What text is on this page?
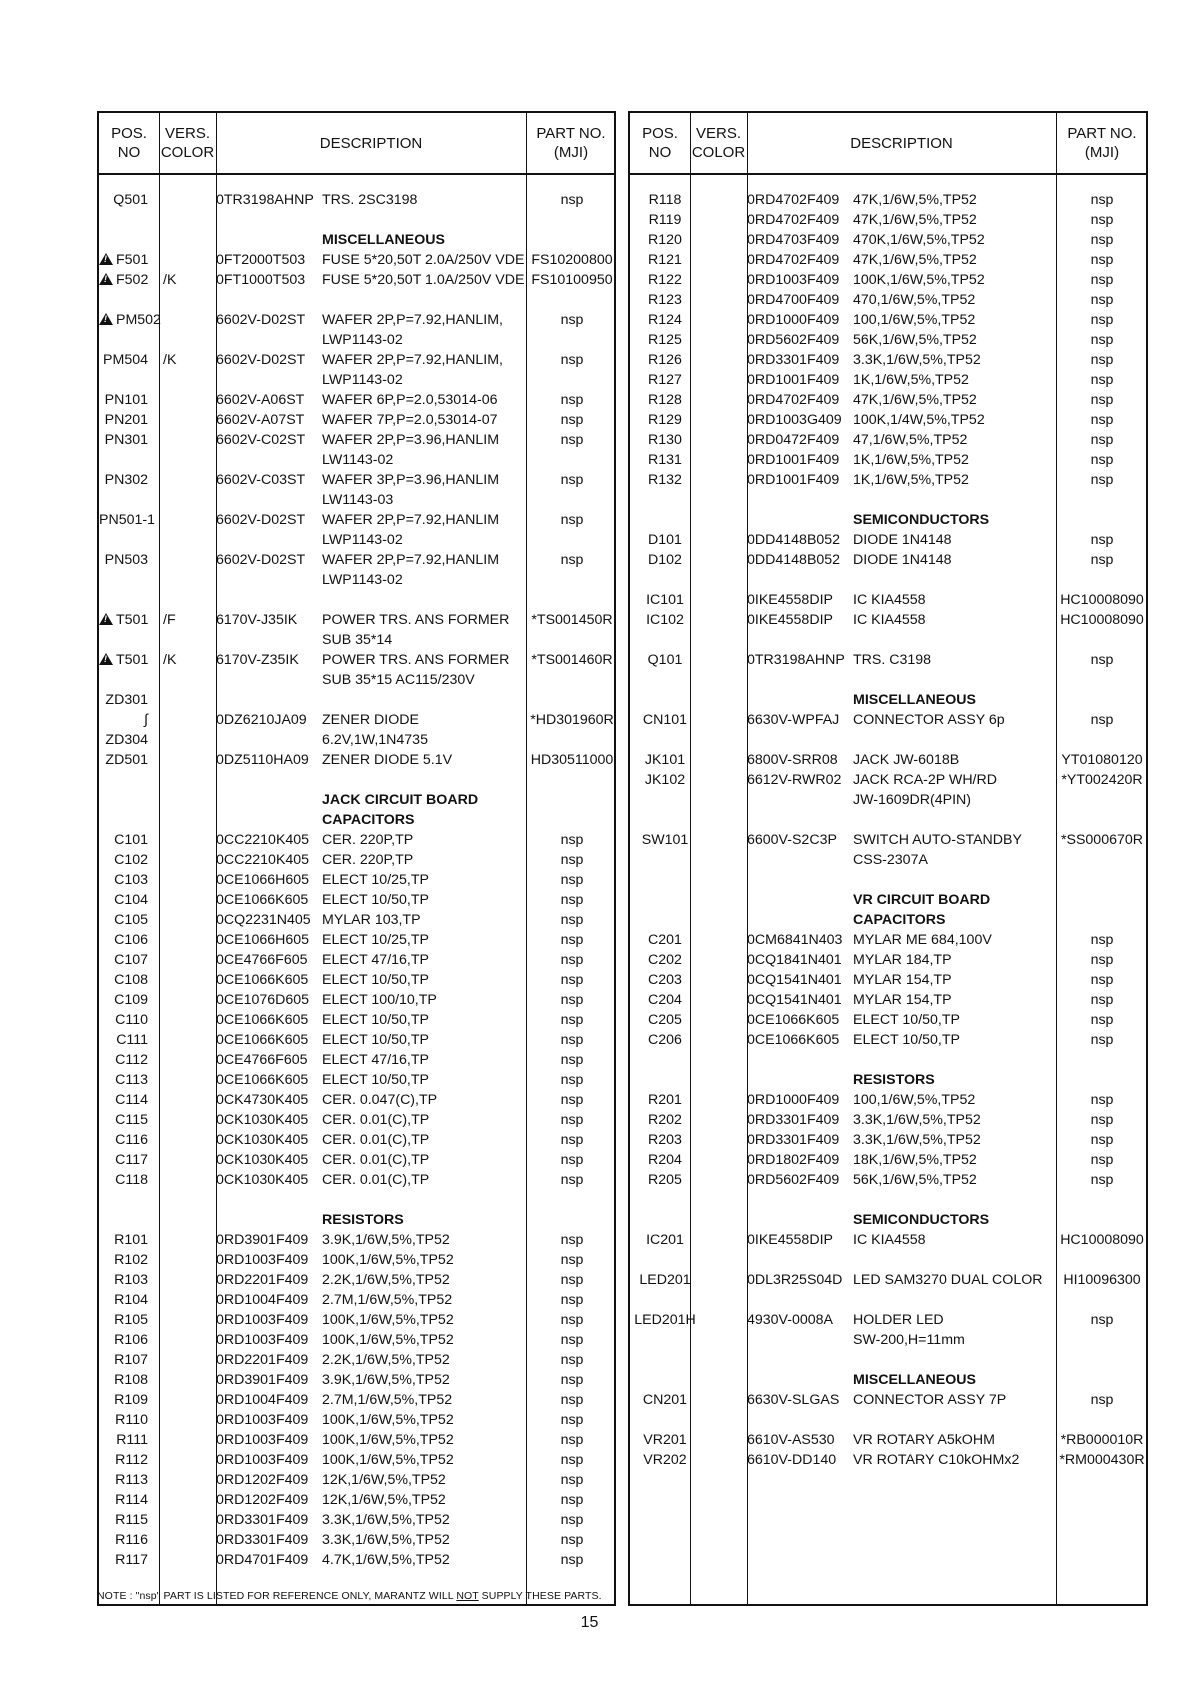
POS.
NO
VERS.
COLOR
DESCRIPTION
PART NO.
(MJI)
Q501	0TR3198AHNP TRS. 2SC3198	nsp
MISCELLANEOUS
!F501	0FT2000T503 FUSE 5*20,50T 2.0A/250V VDE FS10200800
!F502 /K	0FT1000T503 FUSE 5*20,50T 1.0A/250V VDE FS10100950
!PM502	6602V-D02ST WAFER 2P,P=7.92,HANLIM,	nsp
LWP1143-02
PM504 /K	6602V-D02ST WAFER 2P,P=7.92,HANLIM,	nsp
LWP1143-02
PN101	6602V-A06ST WAFER 6P,P=2.0,53014-06	nsp
PN201	6602V-A07ST WAFER 7P,P=2.0,53014-07	nsp
PN301	6602V-C02ST WAFER 2P,P=3.96,HANLIM	nsp
LW1143-02
PN302	6602V-C03ST WAFER 3P,P=3.96,HANLIM	nsp
LW1143-03
PN501-1	6602V-D02ST WAFER 2P,P=7.92,HANLIM	nsp
LWP1143-02
PN503	6602V-D02ST WAFER 2P,P=7.92,HANLIM	nsp
LWP1143-02
!T501 /F	6170V-J35IK POWER TRS. ANS FORMER *TS001450R
SUB 35*14
!T501 /K	6170V-Z35IK POWER TRS. ANS FORMER *TS001460R
SUB 35*15 AC115/230V
ZD301
∫	0DZ6210JA09 ZENER DIODE	*HD301960R
ZD304	6.2V,1W,1N4735
ZD501	0DZ5110HA09 ZENER DIODE 5.1V	HD30511000
JACK CIRCUIT BOARD
CAPACITORS
C101	0CC2210K405 CER. 220P,TP	nsp
C102	0CC2210K405 CER. 220P,TP	nsp
C103	0CE1066H605 ELECT 10/25,TP	nsp
C104	0CE1066K605 ELECT 10/50,TP	nsp
C105	0CQ2231N405 MYLAR 103,TP	nsp
C106	0CE1066H605 ELECT 10/25,TP	nsp
C107	0CE4766F605 ELECT 47/16,TP	nsp
C108	0CE1066K605 ELECT 10/50,TP	nsp
C109	0CE1076D605 ELECT 100/10,TP	nsp
C110	0CE1066K605 ELECT 10/50,TP	nsp
C111	0CE1066K605 ELECT 10/50,TP	nsp
C112	0CE4766F605 ELECT 47/16,TP	nsp
C113	0CE1066K605 ELECT 10/50,TP	nsp
C114	0CK4730K405 CER. 0.047(C),TP	nsp
C115	0CK1030K405 CER. 0.01(C),TP	nsp
C116	0CK1030K405 CER. 0.01(C),TP	nsp
C117	0CK1030K405 CER. 0.01(C),TP	nsp
C118	0CK1030K405 CER. 0.01(C),TP	nsp
RESISTORS
R101	0RD3901F409 3.9K,1/6W,5%,TP52	nsp
R102	0RD1003F409 100K,1/6W,5%,TP52	nsp
R103	0RD2201F409 2.2K,1/6W,5%,TP52	nsp
R104	0RD1004F409 2.7M,1/6W,5%,TP52	nsp
R105	0RD1003F409 100K,1/6W,5%,TP52	nsp
R106	0RD1003F409 100K,1/6W,5%,TP52	nsp
R107	0RD2201F409 2.2K,1/6W,5%,TP52	nsp
R108	0RD3901F409 3.9K,1/6W,5%,TP52	nsp
R109	0RD1004F409 2.7M,1/6W,5%,TP52	nsp
R110	0RD1003F409 100K,1/6W,5%,TP52	nsp
R111	0RD1003F409 100K,1/6W,5%,TP52	nsp
R112	0RD1003F409 100K,1/6W,5%,TP52	nsp
R113	0RD1202F409 12K,1/6W,5%,TP52	nsp
R114	0RD1202F409 12K,1/6W,5%,TP52	nsp
R115	0RD3301F409 3.3K,1/6W,5%,TP52	nsp
R116	0RD3301F409 3.3K,1/6W,5%,TP52	nsp
R117	0RD4701F409 4.7K,1/6W,5%,TP52	nsp
POS.
NO
VERS.
COLOR
DESCRIPTION
PART NO.
(MJI)
R118	0RD4702F409 47K,1/6W,5%,TP52	nsp
R119	0RD4702F409 47K,1/6W,5%,TP52	nsp
R120	0RD4703F409 470K,1/6W,5%,TP52	nsp
R121	0RD4702F409 47K,1/6W,5%,TP52	nsp
R122	0RD1003F409 100K,1/6W,5%,TP52	nsp
R123	0RD4700F409 470,1/6W,5%,TP52	nsp
R124	0RD1000F409 100,1/6W,5%,TP52	nsp
R125	0RD5602F409 56K,1/6W,5%,TP52	nsp
R126	0RD3301F409 3.3K,1/6W,5%,TP52	nsp
R127	0RD1001F409 1K,1/6W,5%,TP52	nsp
R128	0RD4702F409 47K,1/6W,5%,TP52	nsp
R129	0RD1003G409 100K,1/4W,5%,TP52	nsp
R130	0RD0472F409 47,1/6W,5%,TP52	nsp
R131	0RD1001F409 1K,1/6W,5%,TP52	nsp
R132	0RD1001F409 1K,1/6W,5%,TP52	nsp
SEMICONDUCTORS
D101	0DD4148B052 DIODE 1N4148	nsp
D102	0DD4148B052 DIODE 1N4148	nsp
IC101	0IKE4558DIP IC KIA4558	HC10008090
IC102	0IKE4558DIP IC KIA4558	HC10008090
Q101	0TR3198AHNP TRS. C3198	nsp
MISCELLANEOUS
CN101	6630V-WPFAJ CONNECTOR ASSY 6p	nsp
JK101	6800V-SRR08 JACK JW-6018B	YT01080120
JK102	6612V-RWR02 JACK RCA-2P WH/RD	*YT002420R
JW-1609DR(4PIN)
SW101	6600V-S2C3P SWITCH AUTO-STANDBY	*SS000670R
CSS-2307A
VR CIRCUIT BOARD
CAPACITORS
C201	0CM6841N403 MYLAR ME 684,100V	nsp
C202	0CQ1841N401 MYLAR 184,TP	nsp
C203	0CQ1541N401 MYLAR 154,TP	nsp
C204	0CQ1541N401 MYLAR 154,TP	nsp
C205	0CE1066K605 ELECT 10/50,TP	nsp
C206	0CE1066K605 ELECT 10/50,TP	nsp
RESISTORS
R201	0RD1000F409 100,1/6W,5%,TP52	nsp
R202	0RD3301F409 3.3K,1/6W,5%,TP52	nsp
R203	0RD3301F409 3.3K,1/6W,5%,TP52	nsp
R204	0RD1802F409 18K,1/6W,5%,TP52	nsp
R205	0RD5602F409 56K,1/6W,5%,TP52	nsp
SEMICONDUCTORS
IC201	0IKE4558DIP IC KIA4558	HC10008090
LED201	0DL3R25S04D LED SAM3270 DUAL COLOR	HI10096300
LED201H	4930V-0008A HOLDER LED	nsp
SW-200,H=11mm
MISCELLANEOUS
CN201	6630V-SLGAS CONNECTOR ASSY 7P	nsp
VR201	6610V-AS530 VR ROTARY A5kOHM	*RB000010R
VR202	6610V-DD140 VR ROTARY C10kOHMx2	*RM000430R
NOTE : "nsp" PART IS LISTED FOR REFERENCE ONLY, MARANTZ WILL NOT SUPPLY THESE PARTS.
15
